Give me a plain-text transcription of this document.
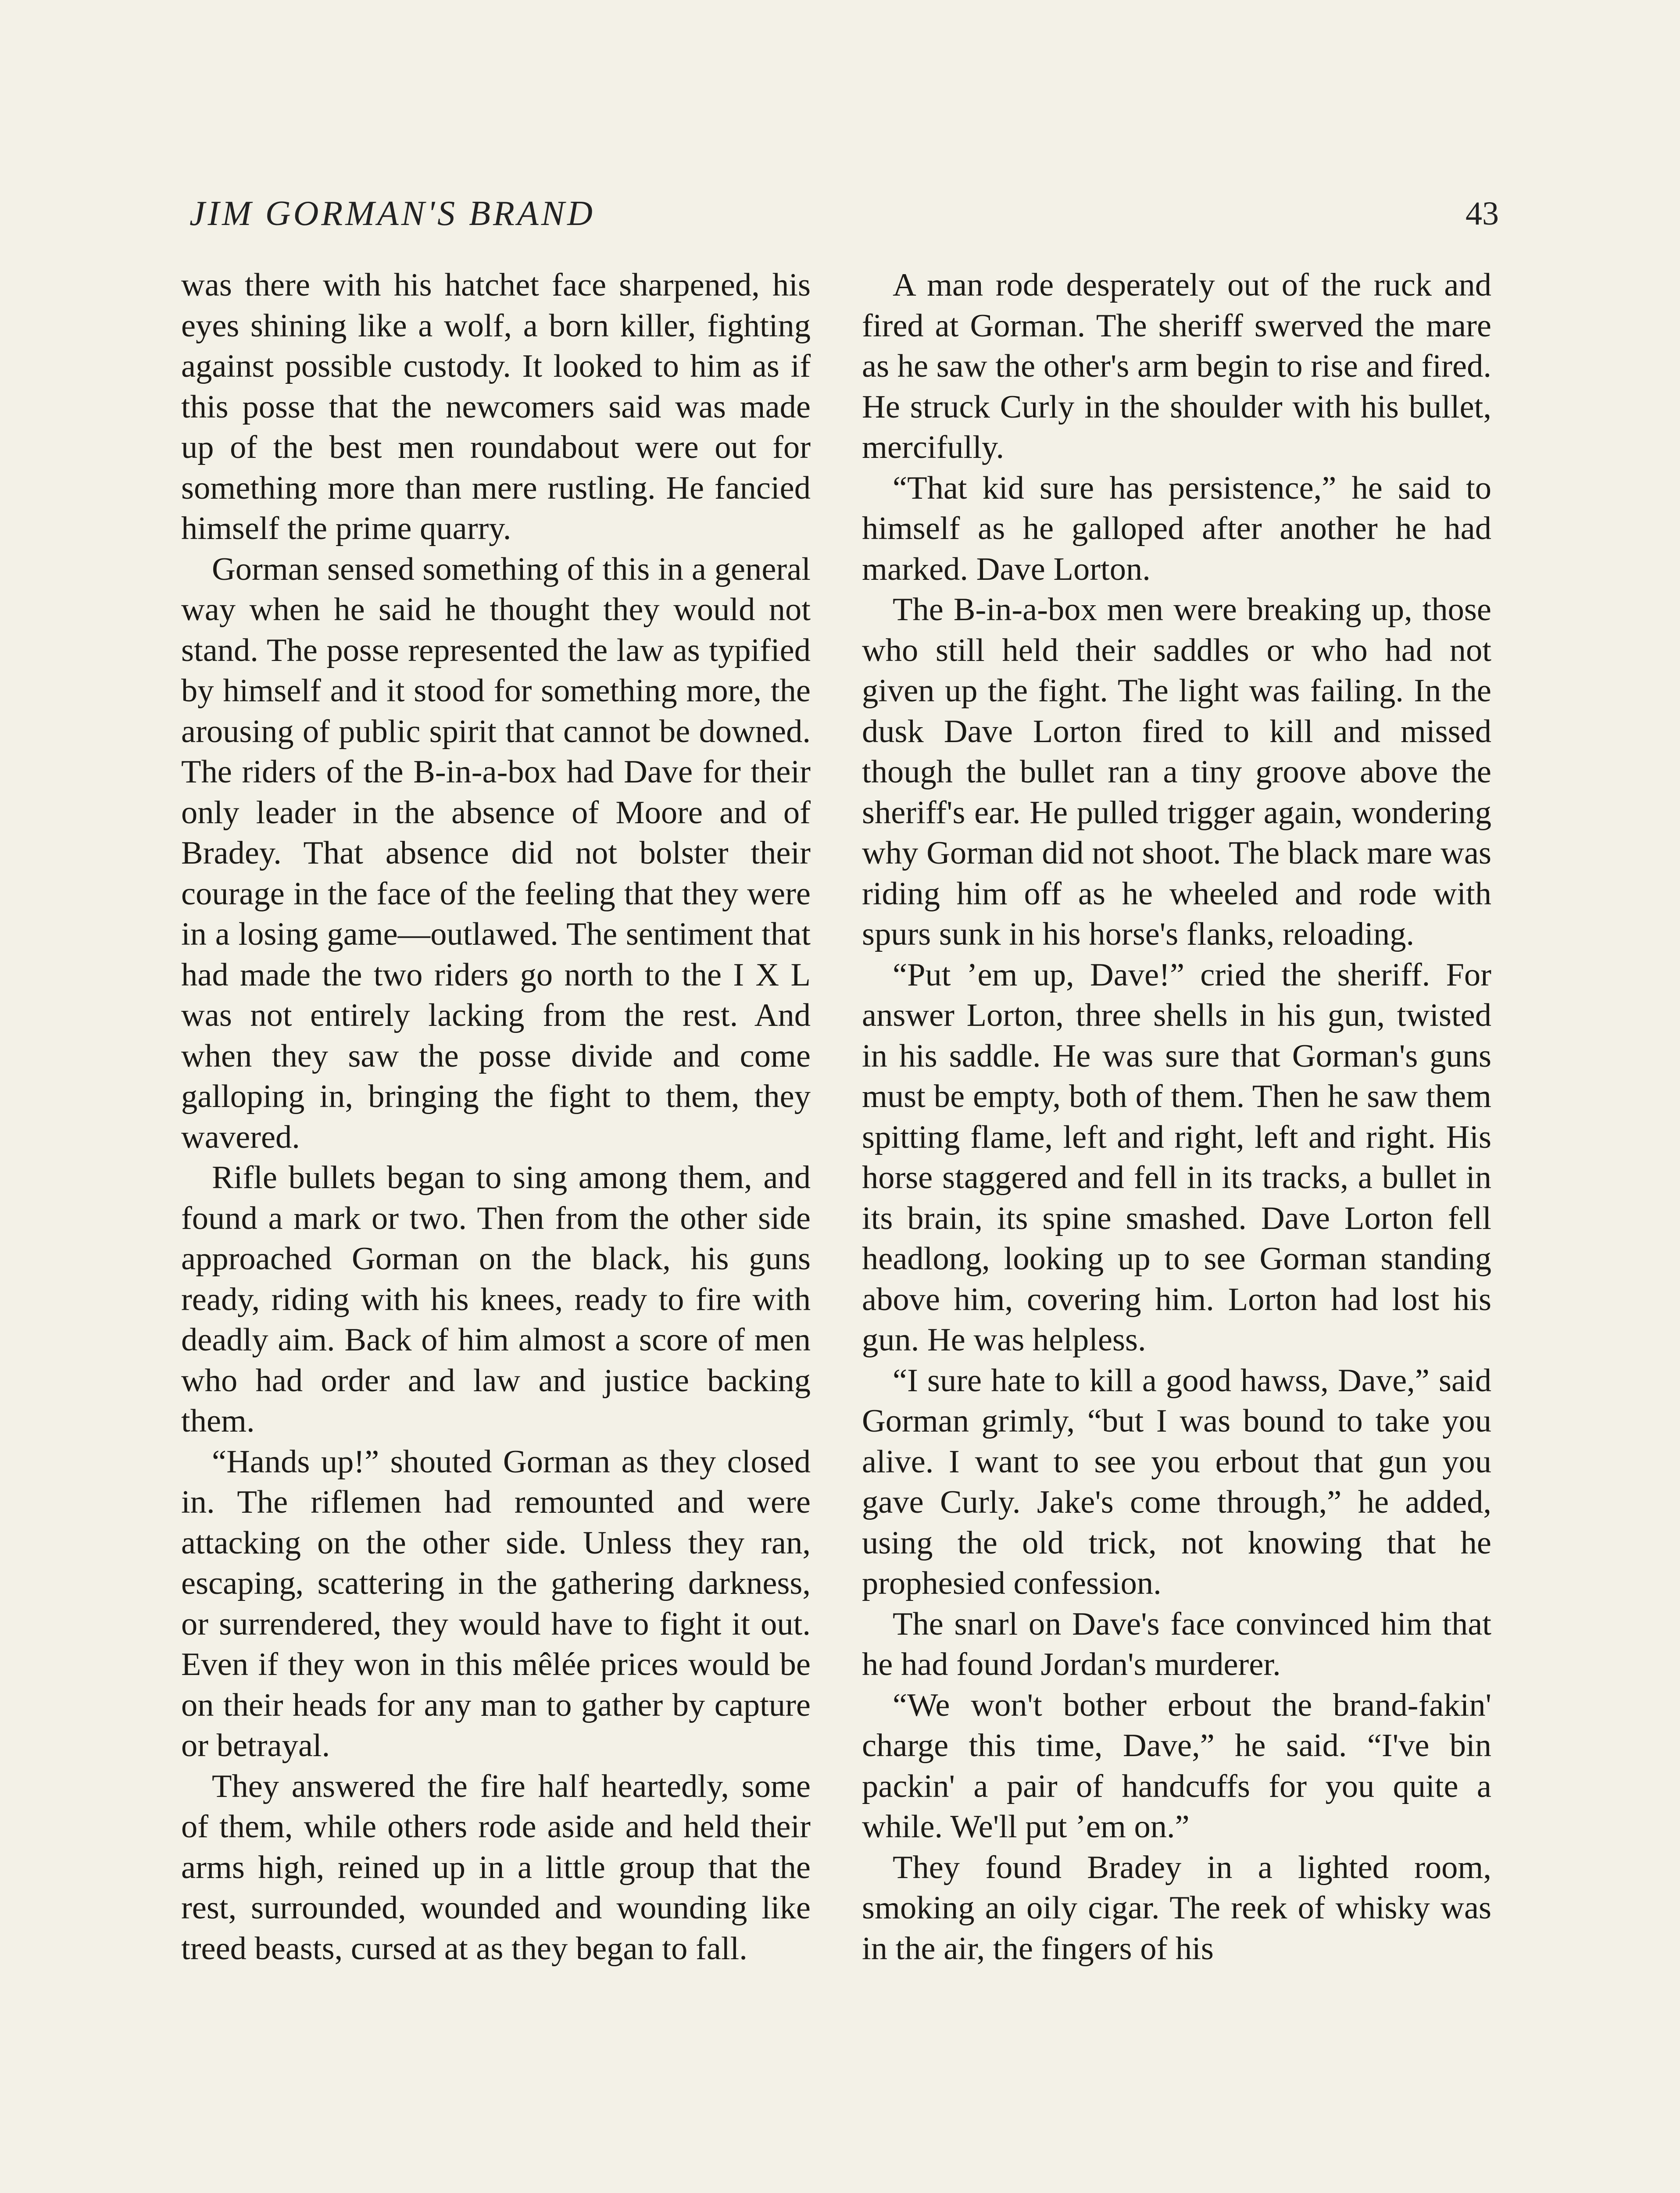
JIM GORMAN'S BRAND	43

was there with his hatchet face sharpened, his eyes shining like a wolf, a born killer, fighting against possible custody. It looked to him as if this posse that the newcomers said was made up of the best men roundabout were out for something more than mere rustling. He fancied himself the prime quarry.

Gorman sensed something of this in a general way when he said he thought they would not stand. The posse represented the law as typified by himself and it stood for something more, the arousing of public spirit that cannot be downed. The riders of the B-in-a-box had Dave for their only leader in the absence of Moore and of Bradey. That absence did not bolster their courage in the face of the feeling that they were in a losing game—outlawed. The sentiment that had made the two riders go north to the I X L was not entirely lacking from the rest. And when they saw the posse divide and come galloping in, bringing the fight to them, they wavered.

Rifle bullets began to sing among them, and found a mark or two. Then from the other side approached Gorman on the black, his guns ready, riding with his knees, ready to fire with deadly aim. Back of him almost a score of men who had order and law and justice backing them.

“Hands up!” shouted Gorman as they closed in. The riflemen had remounted and were attacking on the other side. Unless they ran, escaping, scattering in the gathering darkness, or surrendered, they would have to fight it out. Even if they won in this mêlée prices would be on their heads for any man to gather by capture or betrayal.

They answered the fire half heartedly, some of them, while others rode aside and held their arms high, reined up in a little group that the rest, surrounded, wounded and wounding like treed beasts, cursed at as they began to fall.

A man rode desperately out of the ruck and fired at Gorman. The sheriff swerved the mare as he saw the other's arm begin to rise and fired. He struck Curly in the shoulder with his bullet, mercifully.

“That kid sure has persistence,” he said to himself as he galloped after another he had marked. Dave Lorton.

The B-in-a-box men were breaking up, those who still held their saddles or who had not given up the fight. The light was failing. In the dusk Dave Lorton fired to kill and missed though the bullet ran a tiny groove above the sheriff's ear. He pulled trigger again, wondering why Gorman did not shoot. The black mare was riding him off as he wheeled and rode with spurs sunk in his horse's flanks, reloading.

“Put ’em up, Dave!” cried the sheriff. For answer Lorton, three shells in his gun, twisted in his saddle. He was sure that Gorman's guns must be empty, both of them. Then he saw them spitting flame, left and right, left and right. His horse staggered and fell in its tracks, a bullet in its brain, its spine smashed. Dave Lorton fell headlong, looking up to see Gorman standing above him, covering him. Lorton had lost his gun. He was helpless.

“I sure hate to kill a good hawss, Dave,” said Gorman grimly, “but I was bound to take you alive. I want to see you erbout that gun you gave Curly. Jake's come through,” he added, using the old trick, not knowing that he prophesied confession.

The snarl on Dave's face convinced him that he had found Jordan's murderer.

“We won't bother erbout the brand-fakin' charge this time, Dave,” he said. “I've bin packin' a pair of handcuffs for you quite a while. We'll put ’em on.”

They found Bradey in a lighted room, smoking an oily cigar. The reek of whisky was in the air, the fingers of his
